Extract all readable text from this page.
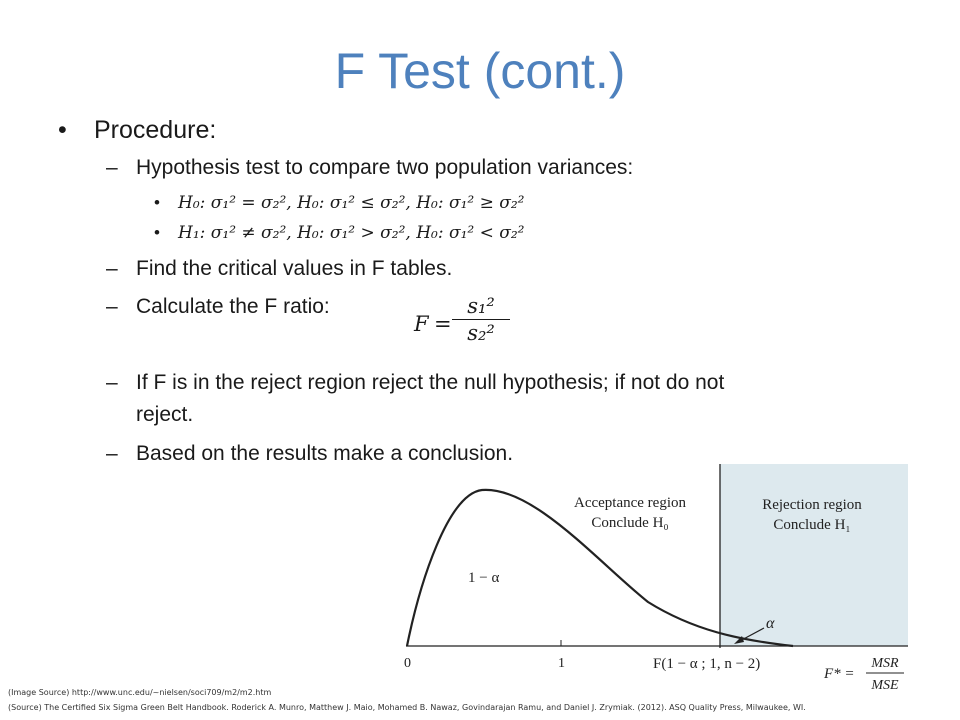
F Test (cont.)
• Procedure:
– Hypothesis test to compare two population variances:
• H₀: σ₁² = σ₂², H₀: σ₁² ≤ σ₂², H₀: σ₁² ≥ σ₂²
• H₁: σ₁² ≠ σ₂², H₀: σ₁² > σ₂², H₀: σ₁² < σ₂²
– Find the critical values in F tables.
– Calculate the F ratio:
$F = \frac{\text{s₁²}}{\text{s₂²}}$
– If F is in the reject region reject the null hypothesis; if not do not
reject.
– Based on the results make a conclusion.
Acceptance region
Conclude H₀
Rejection region
Conclude H₁
1 − α
α
0	1	F(1 − α ; 1, n − 2)
F* =
MSR
MSE
(Image Source) http://www.unc.edu/~nielsen/soci709/m2/m2.htm
(Source) The Certified Six Sigma Green Belt Handbook. Roderick A. Munro, Matthew J. Maio, Mohamed B. Nawaz, Govindarajan Ramu, and Daniel J. Zrymiak. (2012). ASQ Quality Press, Milwaukee, WI.
